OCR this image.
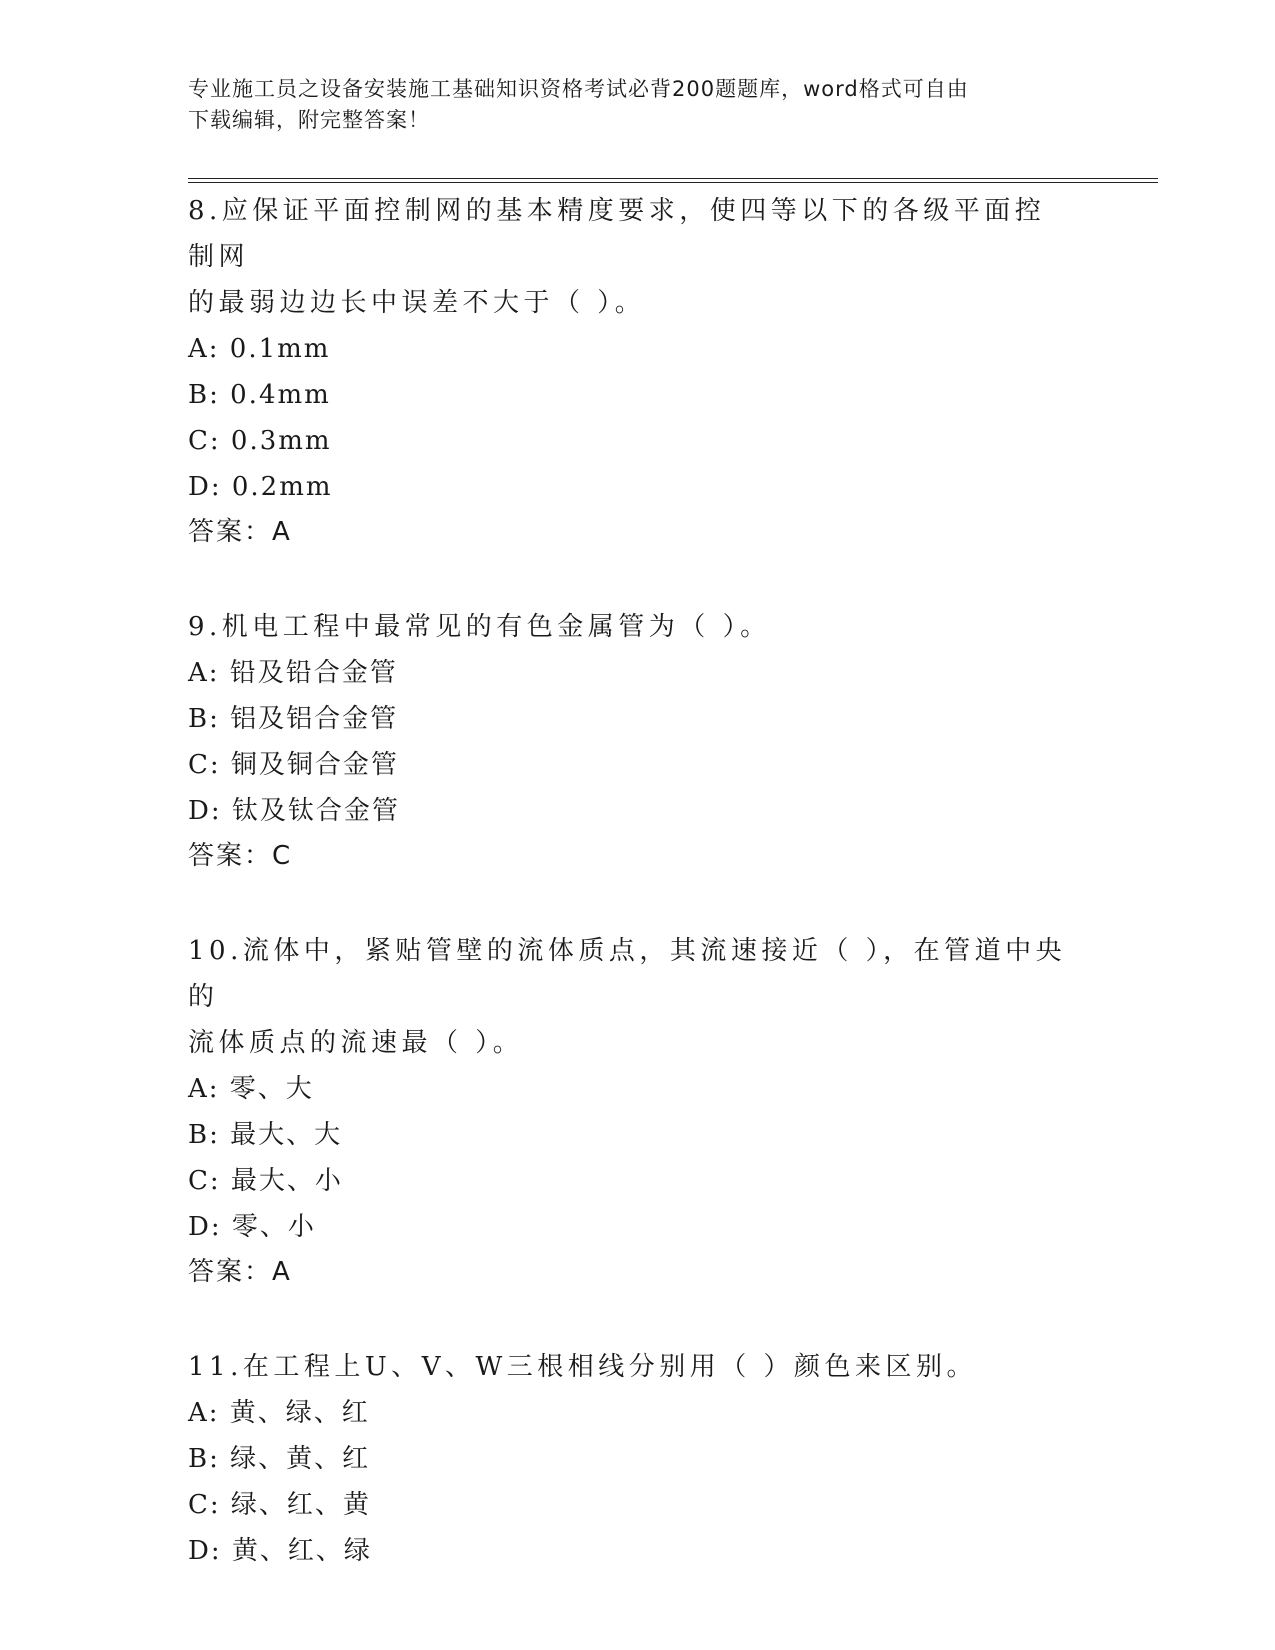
专业施工员之设备安装施工基础知识资格考试必背200题题库，word格式可自由
下载编辑，附完整答案！
8.应保证平面控制网的基本精度要求，使四等以下的各级平面控制网
的最弱边边长中误差不大于（ ）。
A: 0.1mm
B: 0.4mm
C: 0.3mm
D: 0.2mm
答案：A
9.机电工程中最常见的有色金属管为（ ）。
A: 铅及铅合金管
B: 铝及铝合金管
C: 铜及铜合金管
D: 钛及钛合金管
答案：C
10.流体中，紧贴管壁的流体质点，其流速接近（ ），在管道中央的
流体质点的流速最（ ）。
A: 零、大
B: 最大、大
C: 最大、小
D: 零、小
答案：A
11.在工程上U、V、W三根相线分别用（ ）颜色来区别。
A: 黄、绿、红
B: 绿、黄、红
C: 绿、红、黄
D: 黄、红、绿
